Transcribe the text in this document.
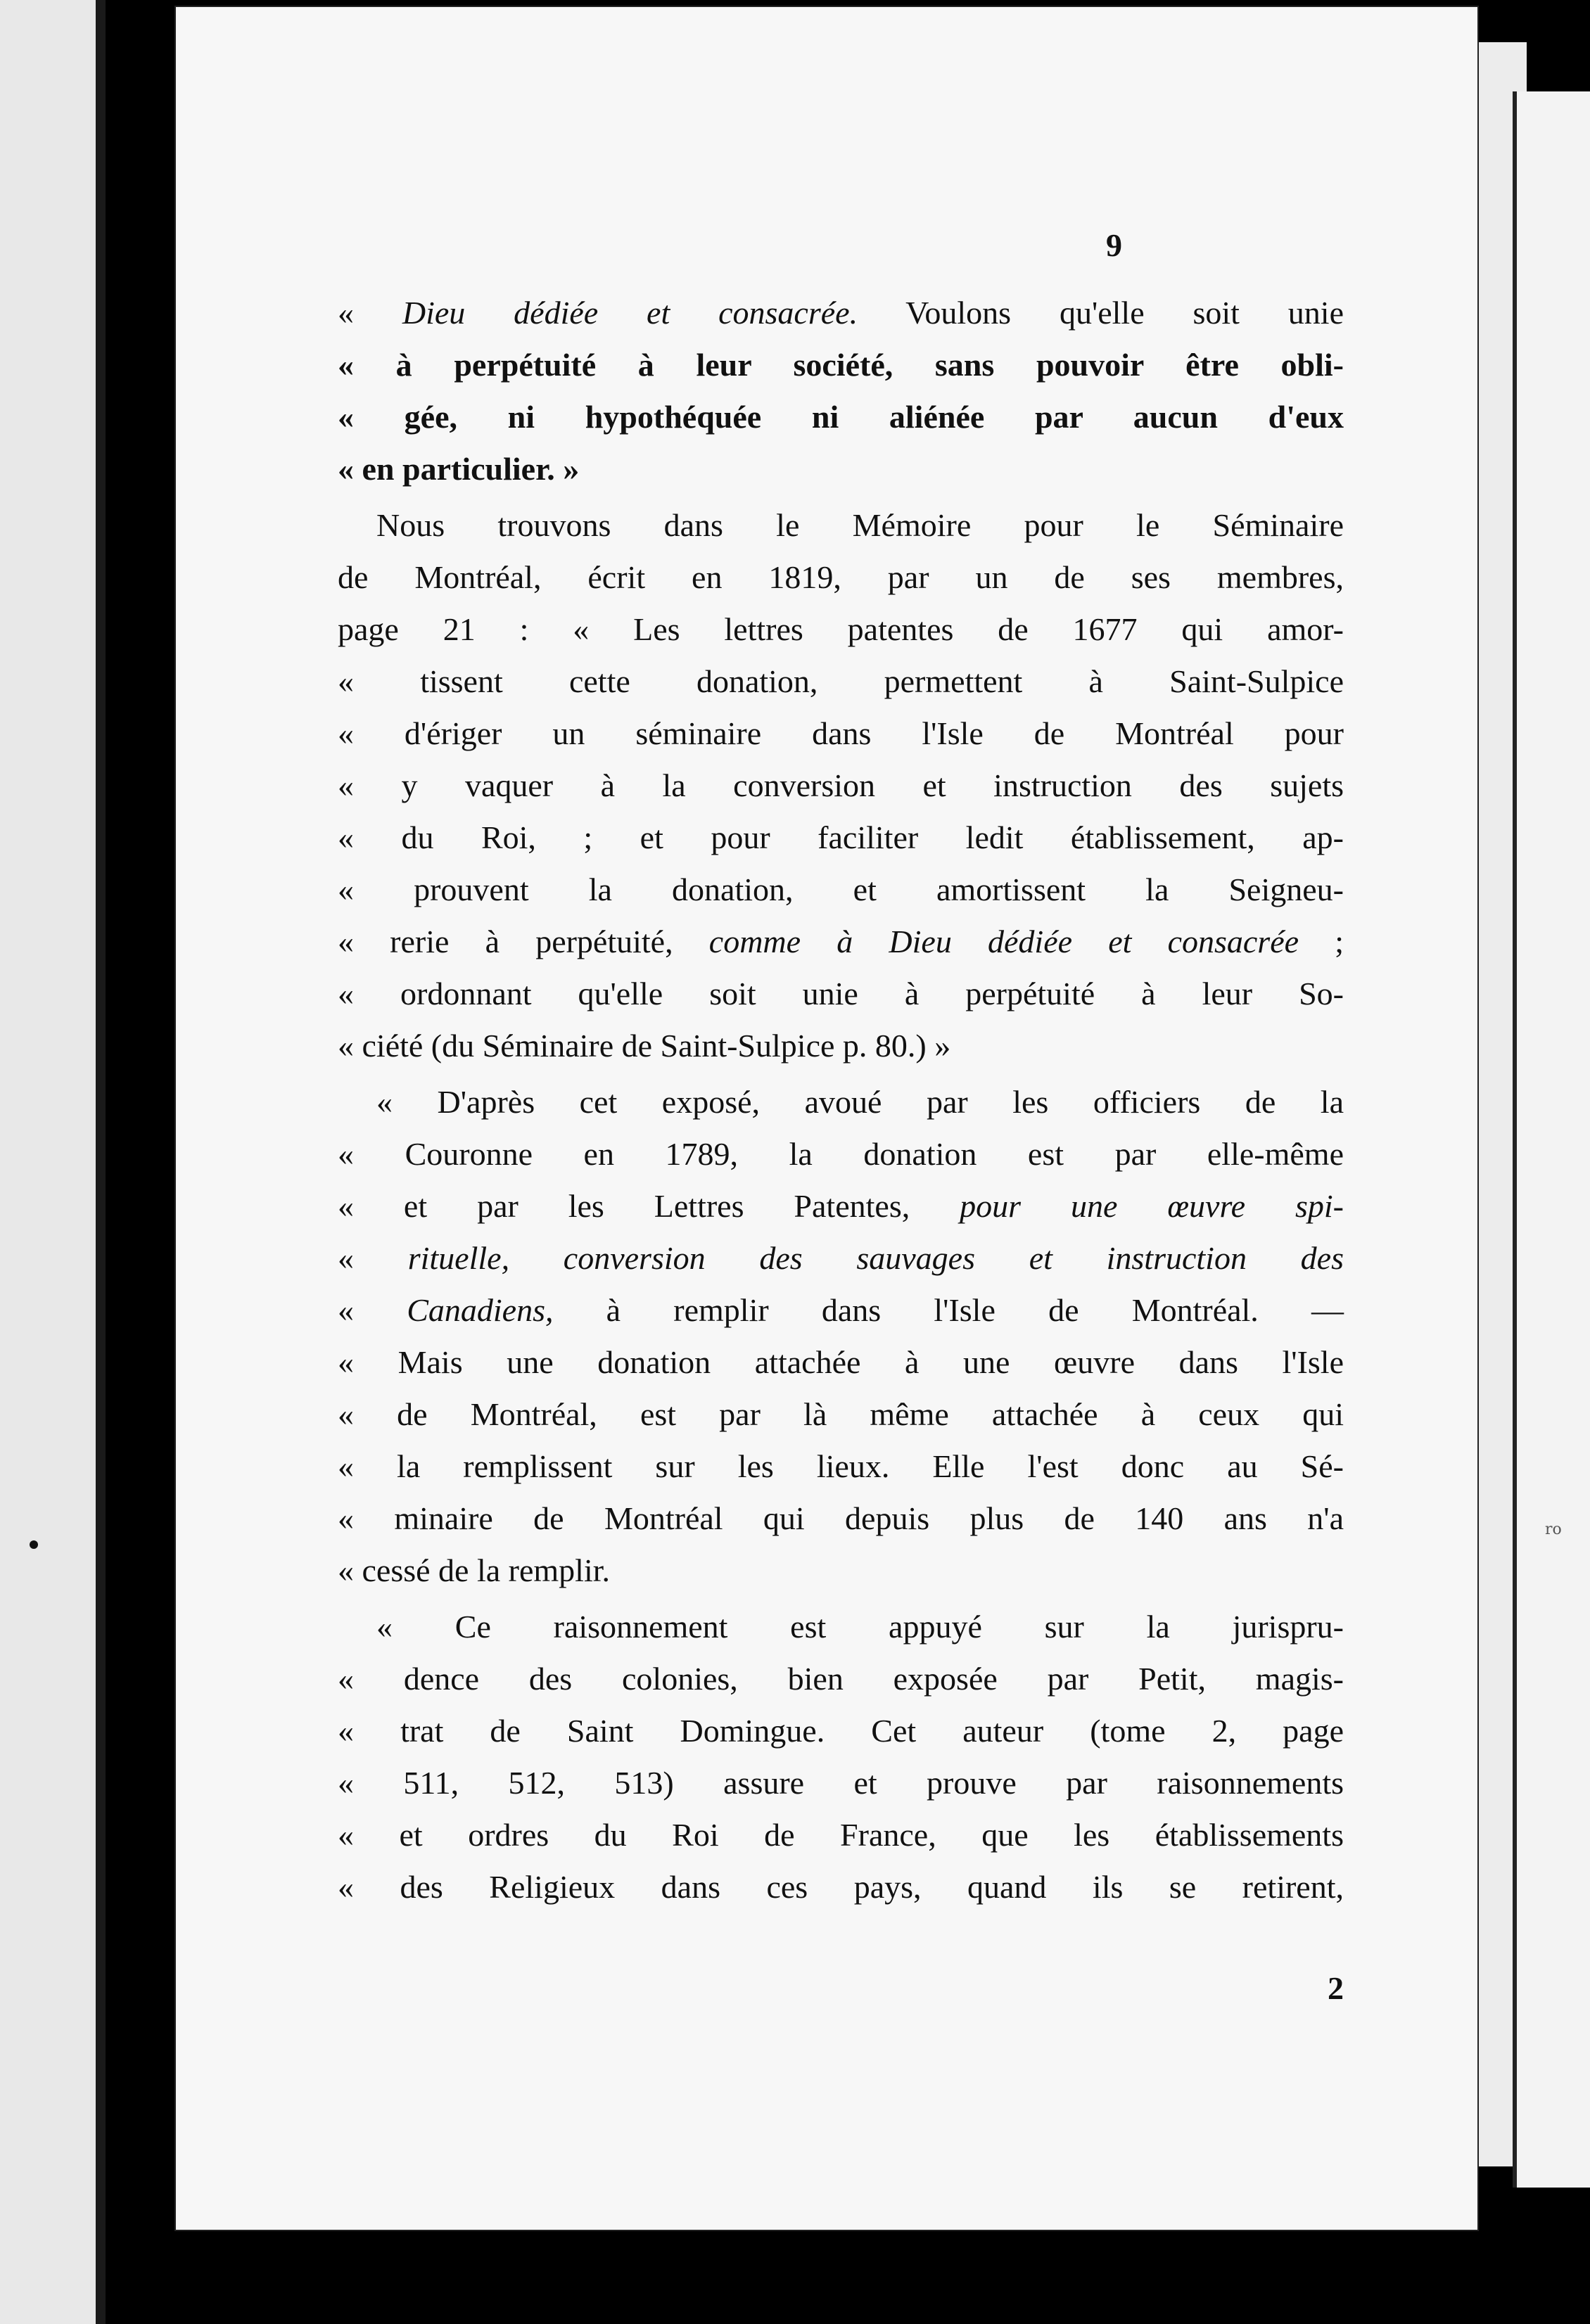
ro
9
« Dieu dédiée et consacrée. Voulons qu'elle soit unie
« à perpétuité à leur société, sans pouvoir être obli-
« gée, ni hypothéquée ni aliénée par aucun d'eux
« en particulier. »
Nous trouvons dans le Mémoire pour le Séminaire
de Montréal, écrit en 1819, par un de ses membres,
page 21 : « Les lettres patentes de 1677 qui amor-
« tissent cette donation, permettent à Saint-Sulpice
« d'ériger un séminaire dans l'Isle de Montréal pour
« y vaquer à la conversion et instruction des sujets
« du Roi, ; et pour faciliter ledit établissement, ap-
« prouvent la donation, et amortissent la Seigneu-
« rerie à perpétuité, comme à Dieu dédiée et consacrée ;
« ordonnant qu'elle soit unie à perpétuité à leur So-
« ciété (du Séminaire de Saint-Sulpice p. 80.) »
« D'après cet exposé, avoué par les officiers de la
« Couronne en 1789, la donation est par elle-même
« et par les Lettres Patentes, pour une œuvre spi-
« rituelle, conversion des sauvages et instruction des
« Canadiens, à remplir dans l'Isle de Montréal. —
« Mais une donation attachée à une œuvre dans l'Isle
« de Montréal, est par là même attachée à ceux qui
« la remplissent sur les lieux. Elle l'est donc au Sé-
« minaire de Montréal qui depuis plus de 140 ans n'a
« cessé de la remplir.
« Ce raisonnement est appuyé sur la jurispru-
« dence des colonies, bien exposée par Petit, magis-
« trat de Saint Domingue. Cet auteur (tome 2, page
« 511, 512, 513) assure et prouve par raisonnements
« et ordres du Roi de France, que les établissements
« des Religieux dans ces pays, quand ils se retirent,
2
